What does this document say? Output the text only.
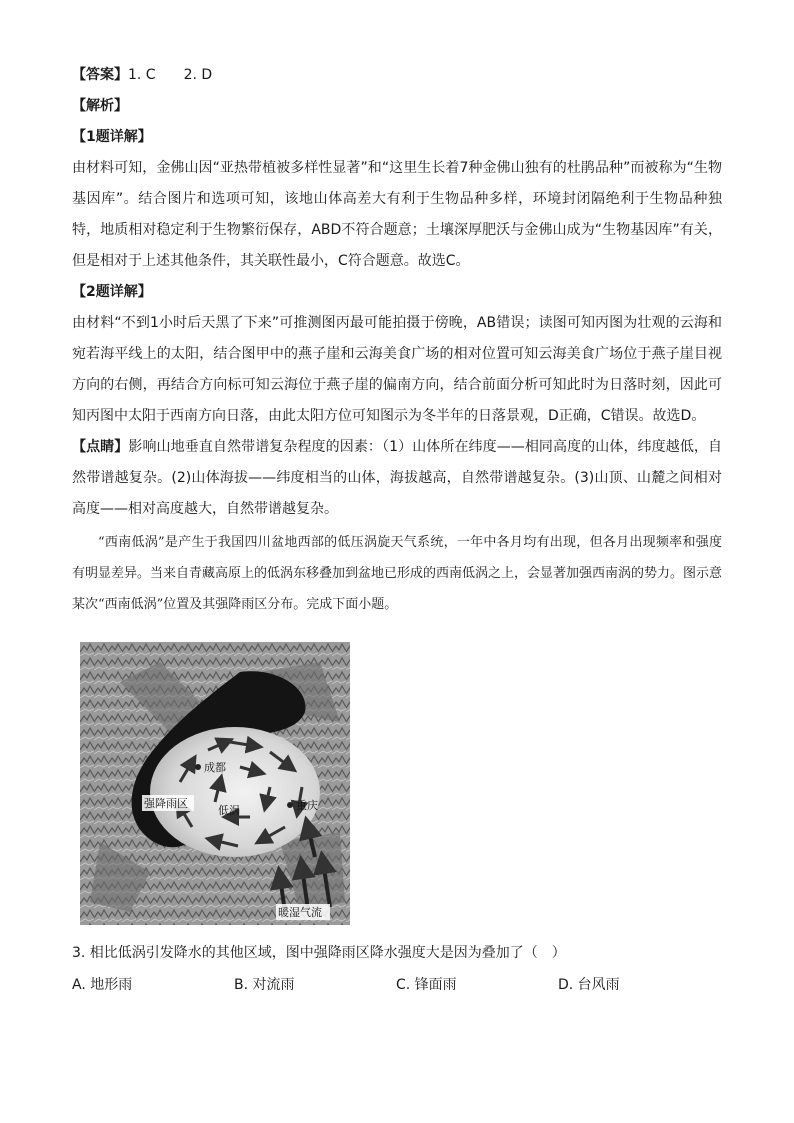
【答案】1. C　　2. D
【解析】
【1题详解】
由材料可知，金佛山因“亚热带植被多样性显著”和“这里生长着7种金佛山独有的杜鹃品种”而被称为“生物基因库”。结合图片和选项可知，该地山体高差大有利于生物品种多样，环境封闭隔绝利于生物品种独特，地质相对稳定利于生物繁衍保存，ABD不符合题意；土壤深厚肥沃与金佛山成为“生物基因库”有关，但是相对于上述其他条件，其关联性最小，C符合题意。故选C。
【2题详解】
由材料“不到1小时后天黑了下来”可推测图丙最可能拍摄于傍晚，AB错误；读图可知丙图为壮观的云海和宛若海平线上的太阳，结合图甲中的燕子崖和云海美食广场的相对位置可知云海美食广场位于燕子崖目视方向的右侧，再结合方向标可知云海位于燕子崖的偏南方向，结合前面分析可知此时为日落时刻，因此可知丙图中太阳于西南方向日落，由此太阳方位可知图示为冬半年的日落景观，D正确，C错误。故选D。
【点睛】影响山地垂直自然带谱复杂程度的因素：（1）山体所在纬度——相同高度的山体，纬度越低，自然带谱越复杂。(2)山体海拔——纬度相当的山体，海拔越高，自然带谱越复杂。(3)山顶、山麓之间相对高度——相对高度越大，自然带谱越复杂。
“西南低涡”是产生于我国四川盆地西部的低压涡旋天气系统，一年中各月均有出现，但各月出现频率和强度有明显差异。当来自青藏高原上的低涡东移叠加到盆地已形成的西南低涡之上，会显著加强西南涡的势力。图示意某次“西南低涡”位置及其强降雨区分布。完成下面小题。
成都
低涡	重庆
强降雨区
暖湿气流
3. 相比低涡引发降水的其他区域，图中强降雨区降水强度大是因为叠加了（　）
A. 地形雨	B. 对流雨	C. 锋面雨	D. 台风雨
